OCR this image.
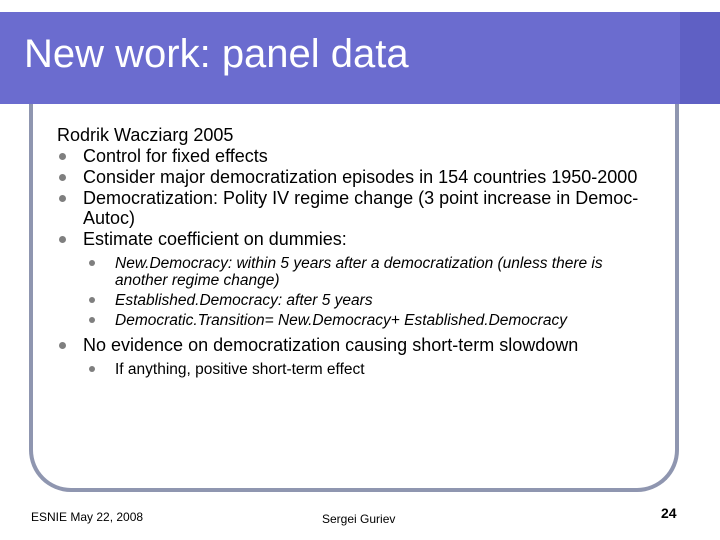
New work: panel data

Rodrik Wacziarg 2005

Control for fixed effects
Consider major democratization episodes in 154 countries 1950-2000
Democratization: Polity IV regime change (3 point increase in Democ-Autoc)
Estimate coefficient on dummies:
New.Democracy: within 5 years after a democratization (unless there is another regime change)
Established.Democracy: after 5 years
Democratic.Transition= New.Democracy+ Established.Democracy
No evidence on democratization causing short-term slowdown
If anything, positive short-term effect
ESNIE May 22, 2008	Sergei Guriev	24
